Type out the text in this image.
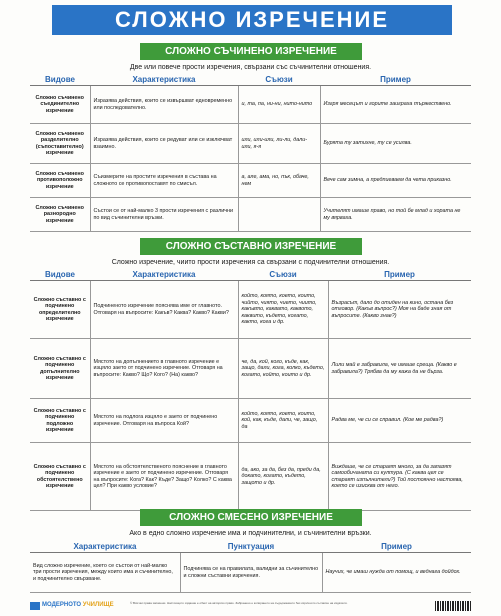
СЛОЖНО ИЗРЕЧЕНИЕ
СЛОЖНО СЪЧИНЕНО ИЗРЕЧЕНИЕ
Две или повече прости изречения, свързани със съчинителни отношения.
Видове	Характеристика	Съюзи	Пример
Сложно съчинено съединително изречение	Изразява действия, които се извършват едновременно или последователно.	и, та, па, ни-ни, нито-нито	Изгря месецът и горите заиграха тържествено.
Сложно съчинено разделително (съпоставително) изречение	Изразява действия, които се редуват или се изключват взаимно.	или, или-или, ли-ли, дали-или, я-я	Бурята ту затихне, ту се усилва.
Сложно съчинено противоположно изречение	Съизмерите на простите изречения в състава на сложното се противопоставят по смисъл.	а, але, ама, но, пък, обаче, нем	Вече сам зимна, а предпиеваем да чета приказно.
Сложно съчинено разнородно изречение	Състои се от най-малко 3 прости изречения с различни по вид съчинителни връзки.		Учителят имаше право, но той бе млад и хората не му вярваха.
СЛОЖНО СЪСТАВНО ИЗРЕЧЕНИЕ
Сложно изречение, чиито прости изречения са свързани с подчинителни отношения.
Видове	Характеристика	Съюзи	Пример
Сложно съставно с подчинено определително изречение	Подчиненото изречение пояснява име от главното. Отговаря на въпросите: Какъв? Каква? Какво? Какви?	който, която, което, които, чийто, чиято, чието, чиито, какъвто, каквато, каквото, каквито, където, когато, както, кога и др.	Възрасът, дало до отиден на кино, остана без отговор. (Какъв въпрос?) Моя на баде зная от въпросите. (Какво знае?)
Сложно съставно с подчинено допълнително изречение	Мястото на допълнението в главното изречение е изцяло заето от подчинено изречение. Отговаря на въпросите: Какво? Що? Кого? (На) какво?	че, да, кой, кого, къде, как, защо, дали, кога, колко, където, когато, който, които и др.	Лили май е забравила, че имаше среща. (Какво е забравила?) Трябва да му кажа да не бърза.
Сложно съставно с подчинено подложно изречение	Мястото на подлога изцяло е заето от подчинено изречение. Отговаря на въпроса Кой?	който, която, което, които, кой, как, къде, дали, че, защо, да	Радва ме, че си се справил. (Кое ме радва?)
Сложно съставно с подчинено обстоятелствено изречение	Мястото на обстоятелственото пояснение в главното изречение е заето от подчинено изречение. Отговаря на въпросите: Кога? Как? Къде? Защо? Колко? С каква цел? При какво условие?	да, ако, за да, без да, преди да, докато, когато, където, защото и др.	Виждаше, че се стараят много, за да запазят самообичаната си култура. (С каква цел се стараят изпълнители?) Той постоянно настоява, което се изисква от него.
СЛОЖНО СМЕСЕНО ИЗРЕЧЕНИЕ
Ако в едно сложно изречение има и подчинителни, и съчинителни връзки.
Характеристика	Пунктуация	Пример
Вид сложно изречение, което се състои от най-малко три прости изречения, между които има и съчинително, и подчинително свързване.	Подчинява се на правилата, валидни за съчинително и сложни съставни изречения.	Научих, че имаш нужда от помощ, и веднага дойдох.
МОДЕРНОТО УЧИЛИЩЕ	© Всички права запазени. Настоящото издание е обект на авторско право. Забранено е копирането на съдържанието без изричното съгласие на издателя.
